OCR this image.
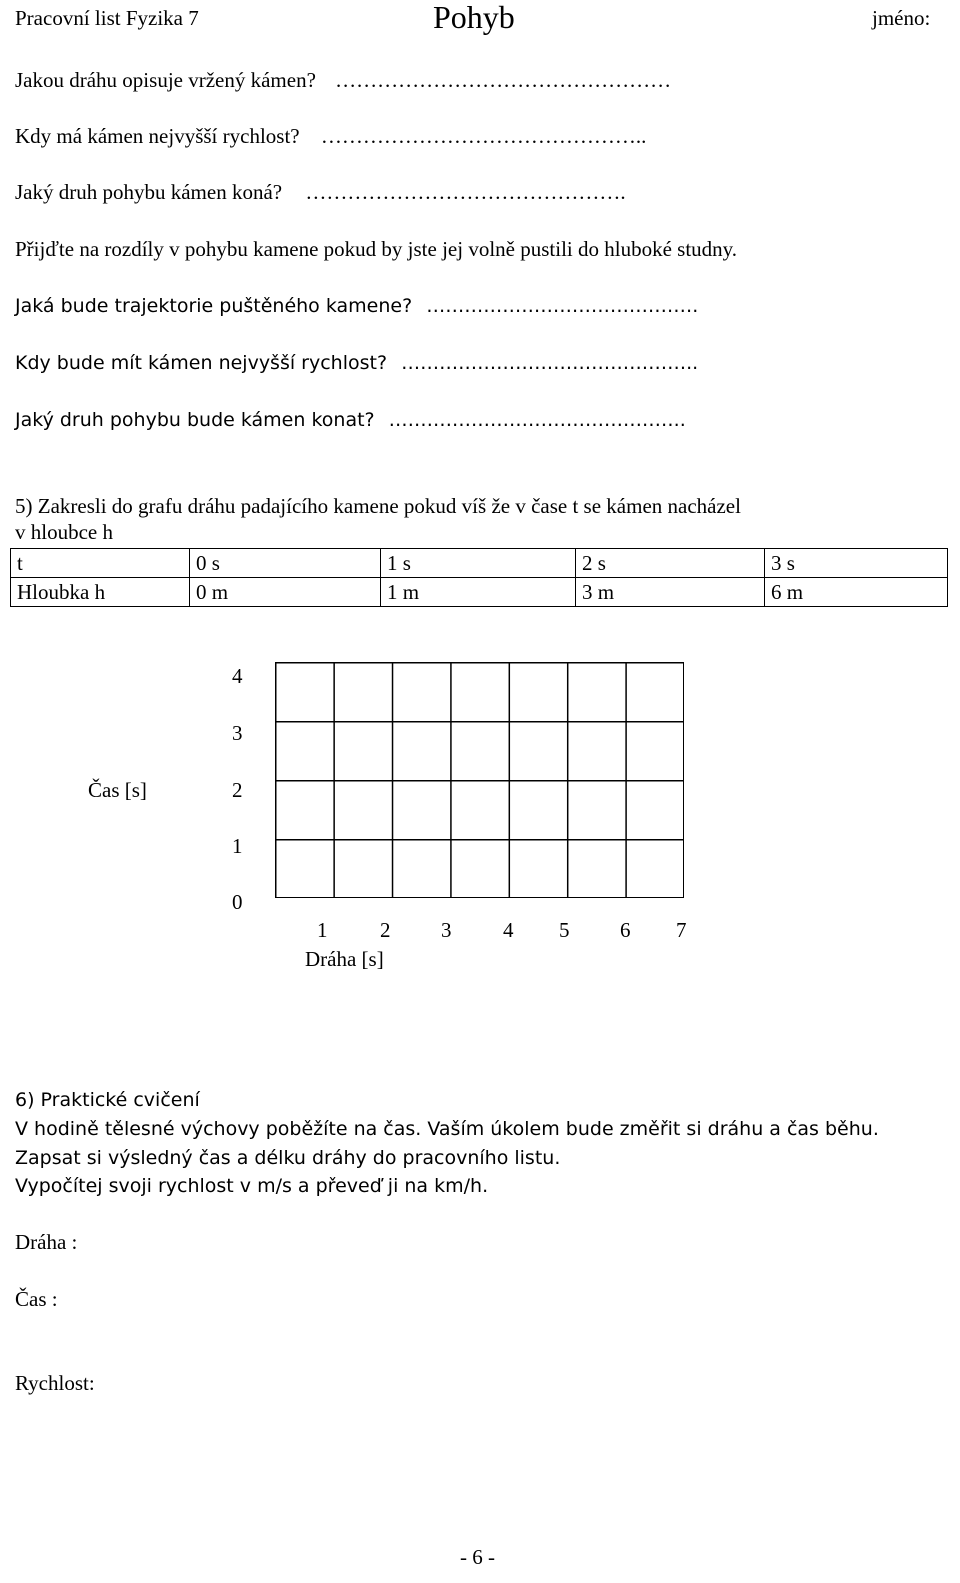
Pracovní list Fyzika 7	Pohyb	jméno:
Jakou dráhu opisuje vržený kámen? …………………………………………
Kdy má kámen nejvyšší rychlost? ………………………………………..
Jaký druh pohybu kámen koná? ……………………………………….
Přijďte na rozdíly v pohybu kamene pokud by jste jej volně pustili do hluboké studny.
Jaká bude trajektorie puštěného kamene? …………………………………….
Kdy bude mít kámen nejvyšší rychlost? ………………………………………..
Jaký druh pohybu bude kámen konat? ………………………………………..
5) Zakresli do grafu dráhu padajícího kamene pokud víš že v čase t se kámen nacházel
v hloubce h
t	0 s	1 s	2 s	3 s
Hloubka h	0 m	1 m	3 m	6 m
4
3
2
1
0
Čas [s]
1	2 3 4 5 6 7
Dráha [s]
6) Praktické cvičení
V hodině tělesné výchovy poběžíte na čas. Vaším úkolem bude změřit si dráhu a čas běhu.
Zapsat si výsledný čas a délku dráhy do pracovního listu.
Vypočítej svoji rychlost v m/s a převeď ji na km/h.
Dráha :
Čas :
Rychlost:
- 6 -
